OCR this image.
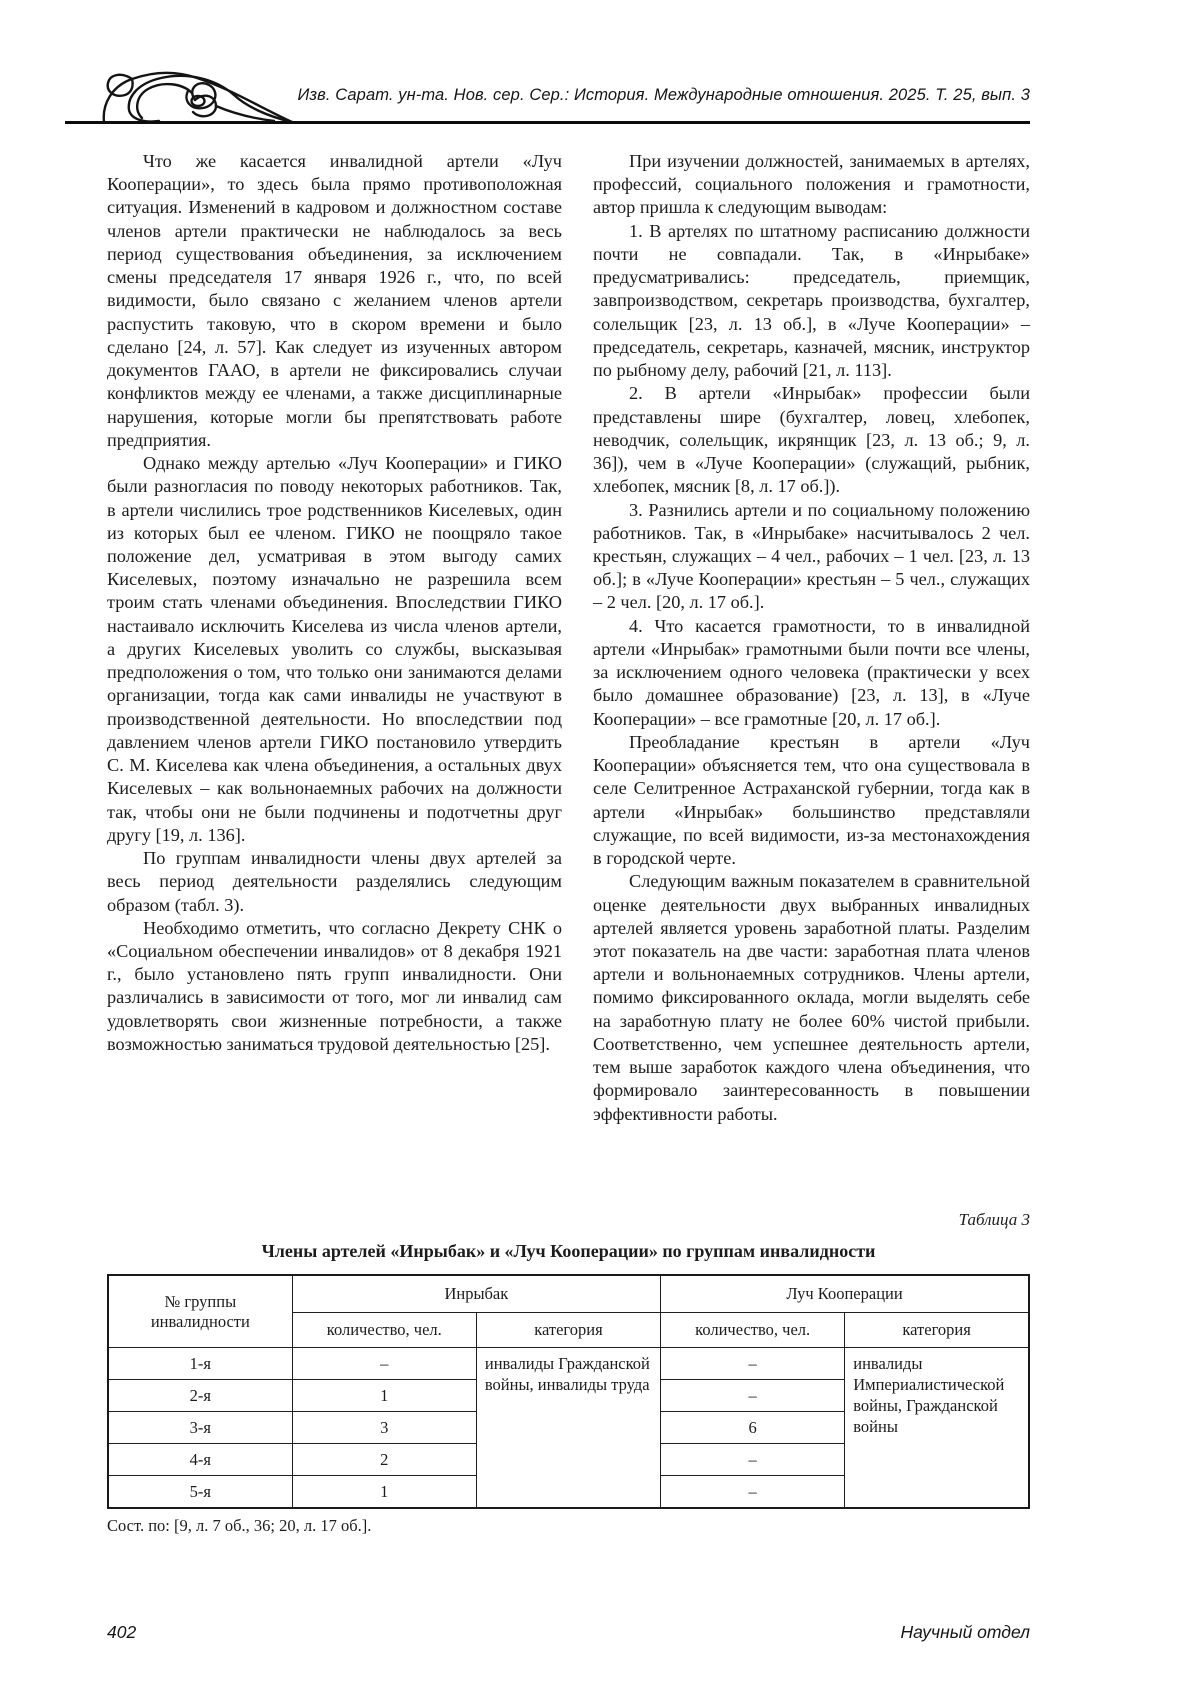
Изв. Сарат. ун-та. Нов. сер. Сер.: История. Международные отношения. 2025. Т. 25, вып. 3

Что же касается инвалидной артели «Луч Кооперации», то здесь была прямо противоположная ситуация. Изменений в кадровом и должностном составе членов артели практически не наблюдалось за весь период существования объединения, за исключением смены председателя 17 января 1926 г., что, по всей видимости, было связано с желанием членов артели распустить таковую, что в скором времени и было сделано [24, л. 57]. Как следует из изученных автором документов ГААО, в артели не фиксировались случаи конфликтов между ее членами, а также дисциплинарные нарушения, которые могли бы препятствовать работе предприятия.

Однако между артелью «Луч Кооперации» и ГИКО были разногласия по поводу некоторых работников. Так, в артели числились трое родственников Киселевых, один из которых был ее членом. ГИКО не поощряло такое положение дел, усматривая в этом выгоду самих Киселевых, поэтому изначально не разрешила всем троим стать членами объединения. Впоследствии ГИКО настаивало исключить Киселева из числа членов артели, а других Киселевых уволить со службы, высказывая предположения о том, что только они занимаются делами организации, тогда как сами инвалиды не участвуют в производственной деятельности. Но впоследствии под давлением членов артели ГИКО постановило утвердить С. М. Киселева как члена объединения, а остальных двух Киселевых – как вольнонаемных рабочих на должности так, чтобы они не были подчинены и подотчетны друг другу [19, л. 136].

По группам инвалидности члены двух артелей за весь период деятельности разделялись следующим образом (табл. 3).

Необходимо отметить, что согласно Декрету СНК о «Социальном обеспечении инвалидов» от 8 декабря 1921 г., было установлено пять групп инвалидности. Они различались в зависимости от того, мог ли инвалид сам удовлетворять свои жизненные потребности, а также возможностью заниматься трудовой деятельностью [25].

При изучении должностей, занимаемых в артелях, профессий, социального положения и грамотности, автор пришла к следующим выводам:

1. В артелях по штатному расписанию должности почти не совпадали. Так, в «Инрыбаке» предусматривались: председатель, приемщик, завпроизводством, секретарь производства, бухгалтер, солельщик [23, л. 13 об.], в «Луче Кооперации» – председатель, секретарь, казначей, мясник, инструктор по рыбному делу, рабочий [21, л. 113].

2. В артели «Инрыбак» профессии были представлены шире (бухгалтер, ловец, хлебопек, неводчик, солельщик, икрянщик [23, л. 13 об.; 9, л. 36]), чем в «Луче Кооперации» (служащий, рыбник, хлебопек, мясник [8, л. 17 об.]).

3. Разнились артели и по социальному положению работников. Так, в «Инрыбаке» насчитывалось 2 чел. крестьян, служащих – 4 чел., рабочих – 1 чел. [23, л. 13 об.]; в «Луче Кооперации» крестьян – 5 чел., служащих – 2 чел. [20, л. 17 об.].

4. Что касается грамотности, то в инвалидной артели «Инрыбак» грамотными были почти все члены, за исключением одного человека (практически у всех было домашнее образование) [23, л. 13], в «Луче Кооперации» – все грамотные [20, л. 17 об.].

Преобладание крестьян в артели «Луч Кооперации» объясняется тем, что она существовала в селе Селитренное Астраханской губернии, тогда как в артели «Инрыбак» большинство представляли служащие, по всей видимости, из-за местонахождения в городской черте.

Следующим важным показателем в сравнительной оценке деятельности двух выбранных инвалидных артелей является уровень заработной платы. Разделим этот показатель на две части: заработная плата членов артели и вольнонаемных сотрудников. Члены артели, помимо фиксированного оклада, могли выделять себе на заработную плату не более 60% чистой прибыли. Соответственно, чем успешнее деятельность артели, тем выше заработок каждого члена объединения, что формировало заинтересованность в повышении эффективности работы.

Таблица 3
Члены артелей «Инрыбак» и «Луч Кооперации» по группам инвалидности
№ группы инвалидности	Инрыбак		Луч Кооперации	
	количество, чел.	категория	количество, чел.	категория
1-я	–	инвалиды Гражданской войны, инвалиды труда	–	инвалиды Империалистической войны, Гражданской войны
2-я	1		–	
3-я	3		6	
4-я	2		–	
5-я	1		–	
Сост. по: [9, л. 7 об., 36; 20, л. 17 об.].
402	Научный отдел
